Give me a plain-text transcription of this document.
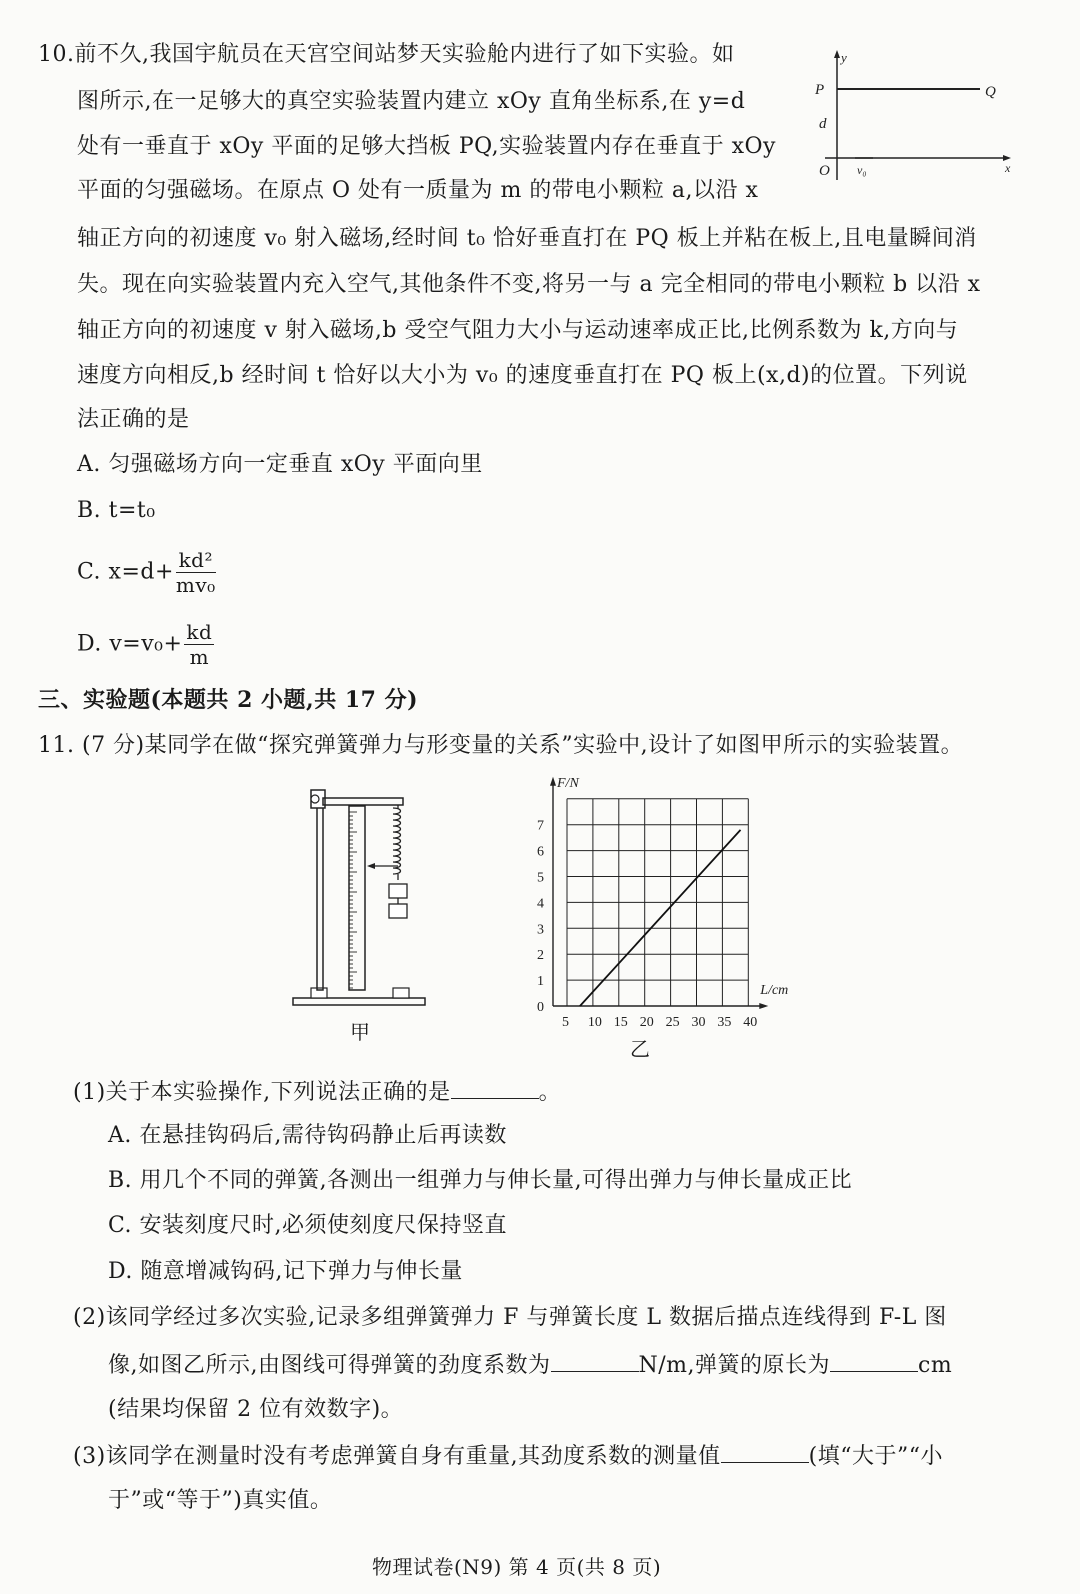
10.前不久,我国宇航员在天宫空间站梦天实验舱内进行了如下实验。如
图所示,在一足够大的真空实验装置内建立 xOy 直角坐标系,在 y=d
处有一垂直于 xOy 平面的足够大挡板 PQ,实验装置内存在垂直于 xOy
平面的匀强磁场。在原点 O 处有一质量为 m 的带电小颗粒 a,以沿 x
轴正方向的初速度 v₀ 射入磁场,经时间 t₀ 恰好垂直打在 PQ 板上并粘在板上,且电量瞬间消
失。现在向实验装置内充入空气,其他条件不变,将另一与 a 完全相同的带电小颗粒 b 以沿 x
轴正方向的初速度 v 射入磁场,b 受空气阻力大小与运动速率成正比,比例系数为 k,方向与
速度方向相反,b 经时间 t 恰好以大小为 v₀ 的速度垂直打在 PQ 板上(x,d)的位置。下列说
法正确的是
A. 匀强磁场方向一定垂直 xOy 平面向里
B. t=t₀
C. $x=d+ \frac{\text{kd²}}{\text{mv₀}}$
D. $v=v_0+ \frac{kd}{m}$
y
P	Q
d
O v₀	x
三、实验题(本题共 2 小题,共 17 分)
11. (7 分)某同学在做“探究弹簧弹力与形变量的关系”实验中,设计了如图甲所示的实验装置。
甲	5 10 15 20 25 30 35 40
0
1
2
3
4
5
6
7
F/N
L/cm
乙
(1)关于本实验操作,下列说法正确的是	。
A. 在悬挂钩码后,需待钩码静止后再读数
B. 用几个不同的弹簧,各测出一组弹力与伸长量,可得出弹力与伸长量成正比
C. 安装刻度尺时,必须使刻度尺保持竖直
D. 随意增减钩码,记下弹力与伸长量
(2)该同学经过多次实验,记录多组弹簧弹力 F 与弹簧长度 L 数据后描点连线得到 F-L 图
像,如图乙所示,由图线可得弹簧的劲度系数为	N/m,弹簧的原长为	cm
(结果均保留 2 位有效数字)。
(3)该同学在测量时没有考虑弹簧自身有重量,其劲度系数的测量值	(填“大于”“小
于”或“等于”)真实值。
物理试卷(N9) 第 4 页(共 8 页)
